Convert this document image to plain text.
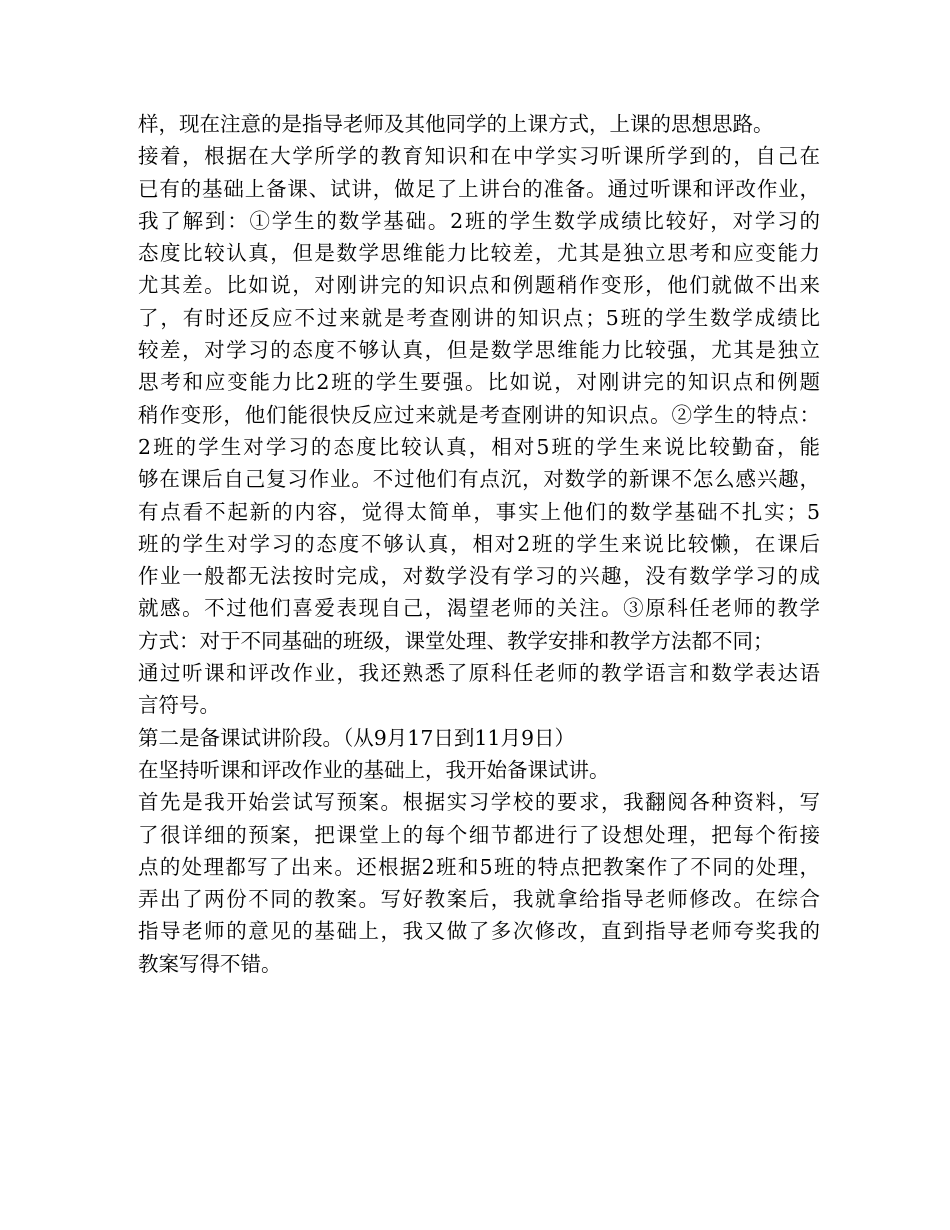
样，现在注意的是指导老师及其他同学的上课方式，上课的思想思路。
接着，根据在大学所学的教育知识和在中学实习听课所学到的，自己在
已有的基础上备课、试讲，做足了上讲台的准备。通过听课和评改作业，
我了解到：①学生的数学基础。2班的学生数学成绩比较好，对学习的
态度比较认真，但是数学思维能力比较差，尤其是独立思考和应变能力
尤其差。比如说，对刚讲完的知识点和例题稍作变形，他们就做不出来
了，有时还反应不过来就是考查刚讲的知识点；5班的学生数学成绩比
较差，对学习的态度不够认真，但是数学思维能力比较强，尤其是独立
思考和应变能力比2班的学生要强。比如说，对刚讲完的知识点和例题
稍作变形，他们能很快反应过来就是考查刚讲的知识点。②学生的特点：
2班的学生对学习的态度比较认真，相对5班的学生来说比较勤奋，能
够在课后自己复习作业。不过他们有点沉，对数学的新课不怎么感兴趣，
有点看不起新的内容，觉得太简单，事实上他们的数学基础不扎实；5
班的学生对学习的态度不够认真，相对2班的学生来说比较懒，在课后
作业一般都无法按时完成，对数学没有学习的兴趣，没有数学学习的成
就感。不过他们喜爱表现自己，渴望老师的关注。③原科任老师的教学
方式：对于不同基础的班级，课堂处理、教学安排和教学方法都不同；
通过听课和评改作业，我还熟悉了原科任老师的教学语言和数学表达语
言符号。
第二是备课试讲阶段。（从9月17日到11月9日）
在坚持听课和评改作业的基础上，我开始备课试讲。
首先是我开始尝试写预案。根据实习学校的要求，我翻阅各种资料，写
了很详细的预案，把课堂上的每个细节都进行了设想处理，把每个衔接
点的处理都写了出来。还根据2班和5班的特点把教案作了不同的处理，
弄出了两份不同的教案。写好教案后，我就拿给指导老师修改。在综合
指导老师的意见的基础上，我又做了多次修改，直到指导老师夸奖我的
教案写得不错。
